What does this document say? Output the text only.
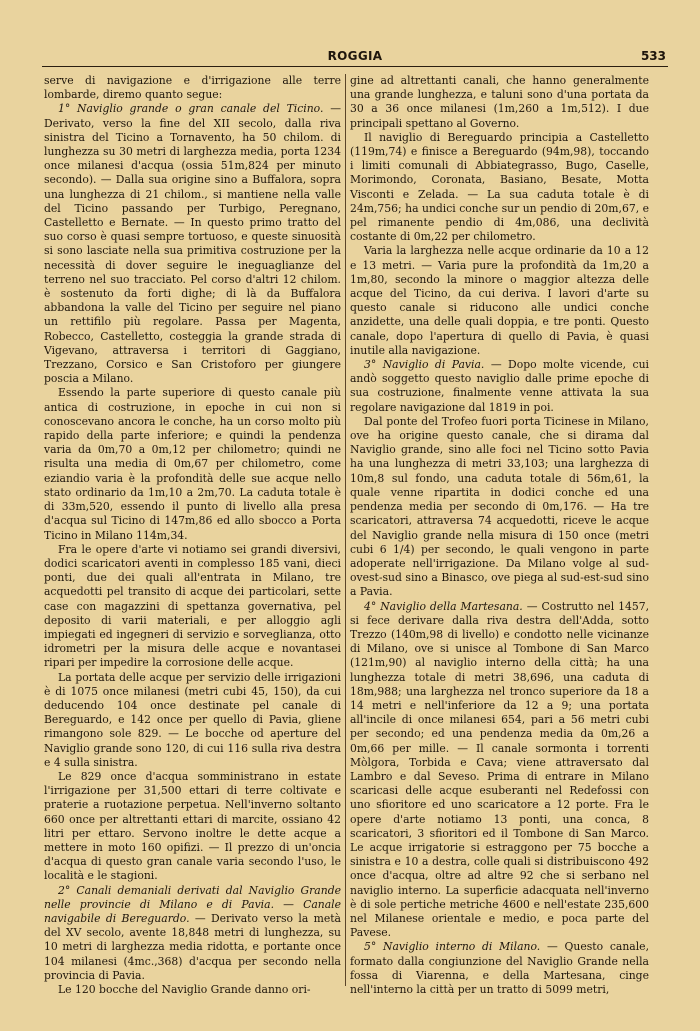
ROGGIA	533

serve di navigazione e d'irrigazione alle terre lombarde, diremo quanto segue:

1° Naviglio grande o gran canale del Ticino. — Derivato, verso la fine del XII secolo, dalla riva sinistra del Ticino a Tornavento, ha 50 chilom. di lunghezza su 30 metri di larghezza media, porta 1234 once milanesi d'acqua (ossia 51m,824 per minuto secondo). — Dalla sua origine sino a Buffalora, sopra una lunghezza di 21 chilom., si mantiene nella valle del Ticino passando per Turbigo, Peregnano, Castelletto e Bernate. — In questo primo tratto del suo corso è quasi sempre tortuoso, e queste sinuosità si sono lasciate nella sua primitiva costruzione per la necessità di dover seguire le ineguaglianze del terreno nel suo tracciato. Pel corso d'altri 12 chilom. è sostenuto da forti dighe; di là da Buffalora abbandona la valle del Ticino per seguire nel piano un rettifilo più regolare. Passa per Magenta, Robecco, Castelletto, costeggia la grande strada di Vigevano, attraversa i territori di Gaggiano, Trezzano, Corsico e San Cristoforo per giungere poscia a Milano.

Essendo la parte superiore di questo canale più antica di costruzione, in epoche in cui non si conoscevano ancora le conche, ha un corso molto più rapido della parte inferiore; e quindi la pendenza varia da 0m,70 a 0m,12 per chilometro; quindi ne risulta una media di 0m,67 per chilometro, come eziandio varia è la profondità delle sue acque nello stato ordinario da 1m,10 a 2m,70. La caduta totale è di 33m,520, essendo il punto di livello alla presa d'acqua sul Ticino di 147m,86 ed allo sbocco a Porta Ticino in Milano 114m,34.

Fra le opere d'arte vi notiamo sei grandi diversivi, dodici scaricatori aventi in complesso 185 vani, dieci ponti, due dei quali all'entrata in Milano, tre acquedotti pel transito di acque dei particolari, sette case con magazzini di spettanza governativa, pel deposito di varii materiali, e per alloggio agli impiegati ed ingegneri di servizio e sorveglianza, otto idrometri per la misura delle acque e novantasei ripari per impedire la corrosione delle acque.

La portata delle acque per servizio delle irrigazioni è di 1075 once milanesi (metri cubi 45, 150), da cui deducendo 104 once destinate pel canale di Bereguardo, e 142 once per quello di Pavia, gliene rimangono sole 829. — Le bocche od aperture del Naviglio grande sono 120, di cui 116 sulla riva destra e 4 sulla sinistra.

Le 829 once d'acqua somministrano in estate l'irrigazione per 31,500 ettari di terre coltivate e praterie a ruotazione perpetua. Nell'inverno soltanto 660 once per altrettanti ettari di marcite, ossiano 42 litri per ettaro. Servono inoltre le dette acque a mettere in moto 160 opifizi. — Il prezzo di un'oncia d'acqua di questo gran canale varia secondo l'uso, le località e le stagioni.

2° Canali demaniali derivati dal Naviglio Grande nelle provincie di Milano e di Pavia. — Canale navigabile di Bereguardo. — Derivato verso la metà del XV secolo, avente 18,848 metri di lunghezza, su 10 metri di larghezza media ridotta, e portante once 104 milanesi (4mc.,368) d'acqua per secondo nella provincia di Pavia.

Le 120 bocche del Naviglio Grande danno ori-

gine ad altrettanti canali, che hanno generalmente una grande lunghezza, e taluni sono d'una portata da 30 a 36 once milanesi (1m,260 a 1m,512). I due principali spettano al Governo.

Il naviglio di Bereguardo principia a Castelletto (119m,74) e finisce a Bereguardo (94m,98), toccando i limiti comunali di Abbiategrasso, Bugo, Caselle, Morimondo, Coronata, Basiano, Besate, Motta Visconti e Zelada. — La sua caduta totale è di 24m,756; ha undici conche sur un pendio di 20m,67, e pel rimanente pendio di 4m,086, una declività costante di 0m,22 per chilometro.

Varia la larghezza nelle acque ordinarie da 10 a 12 e 13 metri. — Varia pure la profondità da 1m,20 a 1m,80, secondo la minore o maggior altezza delle acque del Ticino, da cui deriva. I lavori d'arte su questo canale si riducono alle undici conche anzidette, una delle quali doppia, e tre ponti. Questo canale, dopo l'apertura di quello di Pavia, è quasi inutile alla navigazione.

3° Naviglio di Pavia. — Dopo molte vicende, cui andò soggetto questo naviglio dalle prime epoche di sua costruzione, finalmente venne attivata la sua regolare navigazione dal 1819 in poi.

Dal ponte del Trofeo fuori porta Ticinese in Milano, ove ha origine questo canale, che si dirama dal Naviglio grande, sino alle foci nel Ticino sotto Pavia ha una lunghezza di metri 33,103; una larghezza di 10m,8 sul fondo, una caduta totale di 56m,61, la quale venne ripartita in dodici conche ed una pendenza media per secondo di 0m,176. — Ha tre scaricatori, attraversa 74 acquedotti, riceve le acque del Naviglio grande nella misura di 150 once (metri cubi 6 1/4) per secondo, le quali vengono in parte adoperate nell'irrigazione. Da Milano volge al sud-ovest-sud sino a Binasco, ove piega al sud-est-sud sino a Pavia.

4° Naviglio della Martesana. — Costrutto nel 1457, si fece derivare dalla riva destra dell'Adda, sotto Trezzo (140m,98 di livello) e condotto nelle vicinanze di Milano, ove si unisce al Tombone di San Marco (121m,90) al naviglio interno della città; ha una lunghezza totale di metri 38,696, una caduta di 18m,988; una larghezza nel tronco superiore da 18 a 14 metri e nell'inferiore da 12 a 9; una portata all'incile di once milanesi 654, pari a 56 metri cubi per secondo; ed una pendenza media da 0m,26 a 0m,66 per mille. — Il canale sormonta i torrenti Mòlgora, Torbida e Cava; viene attraversato dal Lambro e dal Seveso. Prima di entrare in Milano scaricasi delle acque esuberanti nel Redefossi con uno sfioritore ed uno scaricatore a 12 porte. Fra le opere d'arte notiamo 13 ponti, una conca, 8 scaricatori, 3 sfioritori ed il Tombone di San Marco. Le acque irrigatorie si estraggono per 75 bocche a sinistra e 10 a destra, colle quali si distribuiscono 492 once d'acqua, oltre ad altre 92 che si serbano nel naviglio interno. La superficie adacquata nell'inverno è di sole pertiche metriche 4600 e nell'estate 235,600 nel Milanese orientale e medio, e poca parte del Pavese.

5° Naviglio interno di Milano. — Questo canale, formato dalla congiunzione del Naviglio Grande nella fossa di Viarenna, e della Martesana, cinge nell'interno la città per un tratto di 5099 metri,
